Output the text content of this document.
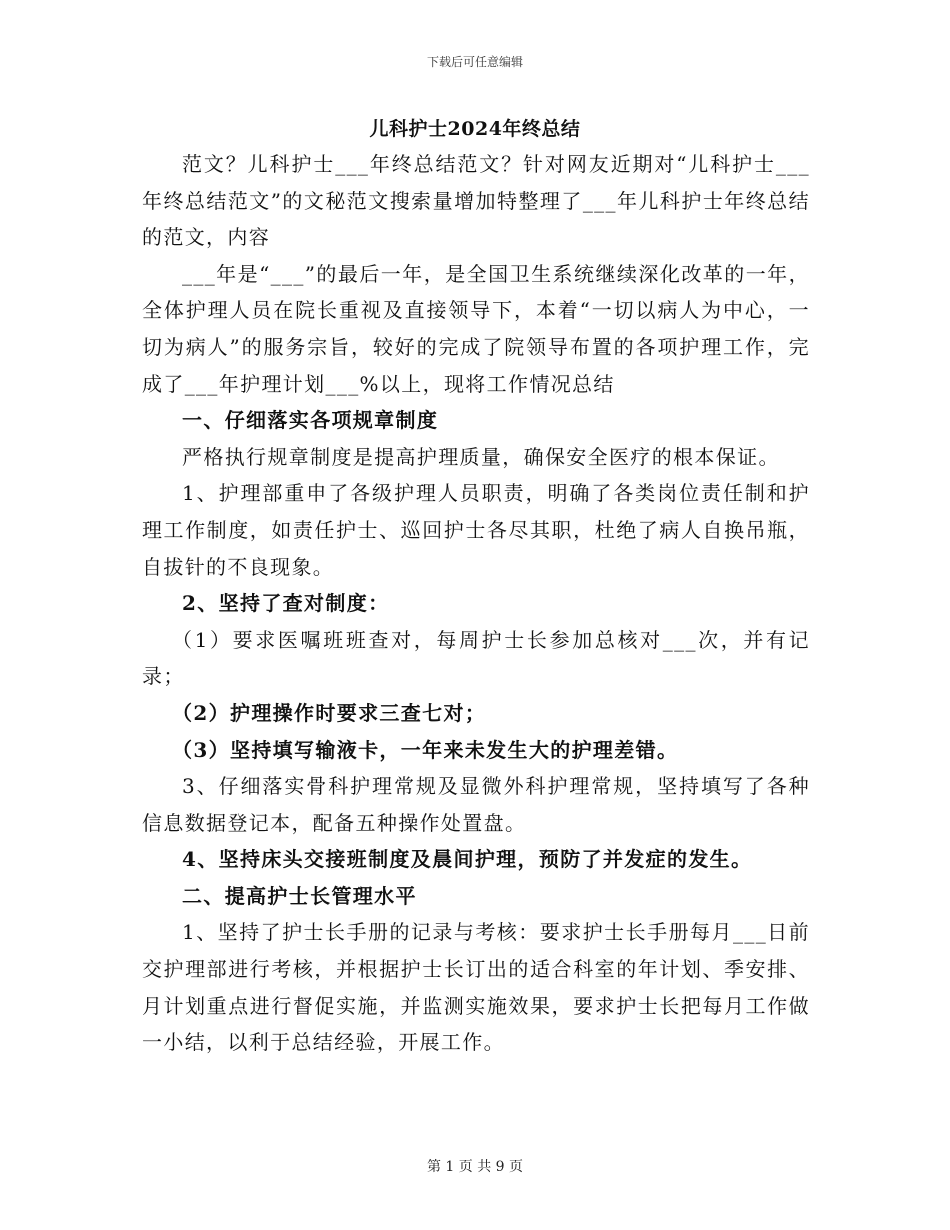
下载后可任意编辑
儿科护士2024年终总结

范文？儿科护士___年终总结范文？针对网友近期对“儿科护士___年终总结范文”的文秘范文搜索量增加特整理了___年儿科护士年终总结的范文，内容

___年是“___”的最后一年，是全国卫生系统继续深化改革的一年，全体护理人员在院长重视及直接领导下，本着“一切以病人为中心，一切为病人”的服务宗旨，较好的完成了院领导布置的各项护理工作，完成了___年护理计划___%以上，现将工作情况总结

一、仔细落实各项规章制度

严格执行规章制度是提高护理质量，确保安全医疗的根本保证。

1、护理部重申了各级护理人员职责，明确了各类岗位责任制和护理工作制度，如责任护士、巡回护士各尽其职，杜绝了病人自换吊瓶，自拔针的不良现象。

2、坚持了查对制度：

（1）要求医嘱班班查对，每周护士长参加总核对___次，并有记录；

（2）护理操作时要求三查七对；

（3）坚持填写输液卡，一年来未发生大的护理差错。

3、仔细落实骨科护理常规及显微外科护理常规，坚持填写了各种信息数据登记本，配备五种操作处置盘。

4、坚持床头交接班制度及晨间护理，预防了并发症的发生。

二、提高护士长管理水平

1、坚持了护士长手册的记录与考核：要求护士长手册每月___日前交护理部进行考核，并根据护士长订出的适合科室的年计划、季安排、月计划重点进行督促实施，并监测实施效果，要求护士长把每月工作做一小结，以利于总结经验，开展工作。

第 1 页 共 9 页
